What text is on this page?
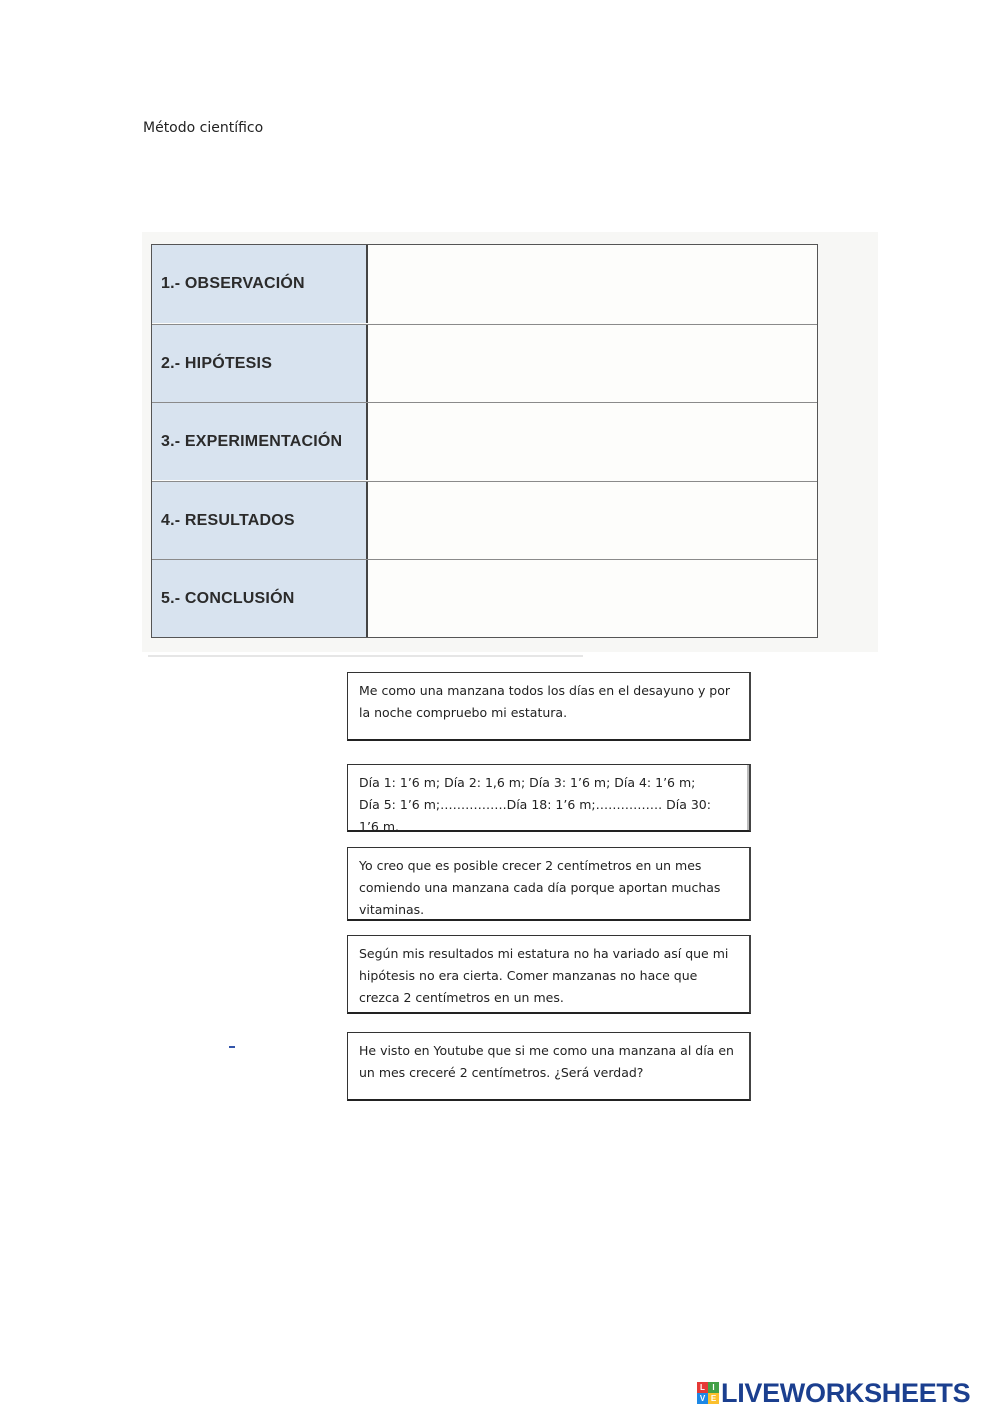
Método científico
1.- OBSERVACIÓN
2.- HIPÓTESIS
3.- EXPERIMENTACIÓN
4.- RESULTADOS
5.- CONCLUSIÓN

Me como una manzana todos los días en el desayuno y por la noche compruebo mi estatura.

Día 1: 1’6 m; Día 2: 1,6 m; Día 3: 1’6 m; Día 4: 1’6 m; Día 5: 1’6 m;…………….Día 18: 1’6 m;……………. Día 30: 1’6 m.

Yo creo que es posible crecer 2 centímetros en un mes comiendo una manzana cada día porque aportan muchas vitaminas.

Según mis resultados mi estatura no ha variado así que mi hipótesis no era cierta. Comer manzanas no hace que crezca 2 centímetros en un mes.

He visto en Youtube que si me como una manzana al día en un mes creceré 2 centímetros. ¿Será verdad?

L I
V E LIVEWORKSHEETS
